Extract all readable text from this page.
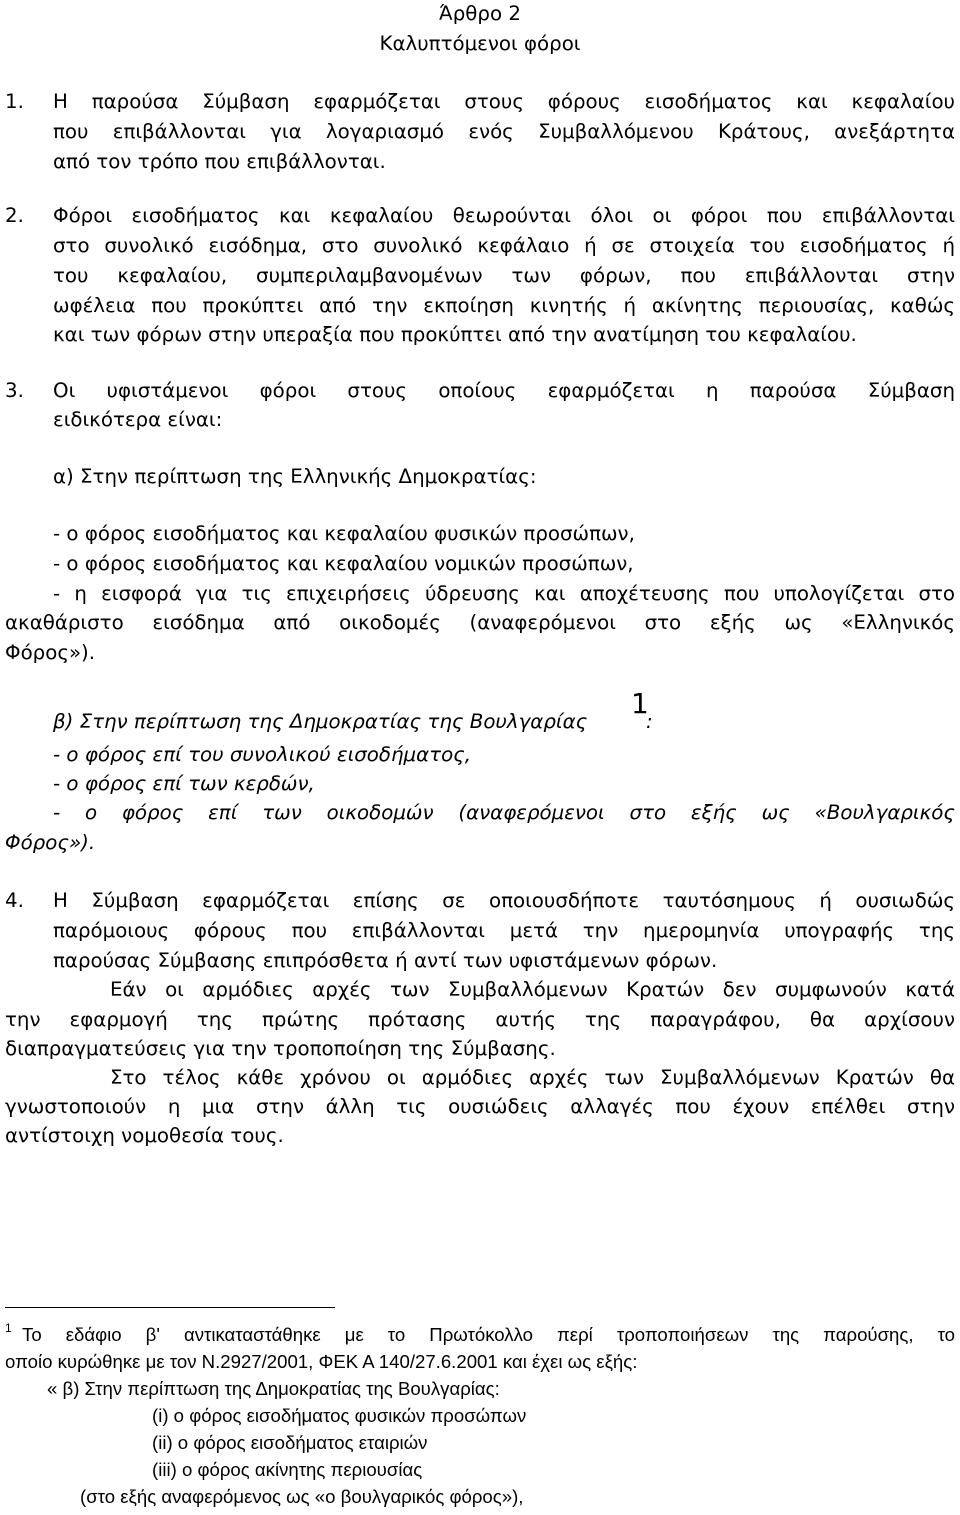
Άρθρο 2
Καλυπτόμενοι φόροι
1. Η παρούσα Σύμβαση εφαρμόζεται στους φόρους εισοδήματος και κεφαλαίου
που επιβάλλονται για λογαριασμό ενός Συμβαλλόμενου Κράτους, ανεξάρτητα
από τον τρόπο που επιβάλλονται.
2. Φόροι εισοδήματος και κεφαλαίου θεωρούνται όλοι οι φόροι που επιβάλλονται
στο συνολικό εισόδημα, στο συνολικό κεφάλαιο ή σε στοιχεία του εισοδήματος ή
του κεφαλαίου, συμπεριλαμβανομένων των φόρων, που επιβάλλονται στην
ωφέλεια που προκύπτει από την εκποίηση κινητής ή ακίνητης περιουσίας, καθώς
και των φόρων στην υπεραξία που προκύπτει από την ανατίμηση του κεφαλαίου.
3. Οι υφιστάμενοι φόροι στους οποίους εφαρμόζεται η παρούσα Σύμβαση
ειδικότερα είναι:
α) Στην περίπτωση της Ελληνικής Δημοκρατίας:
- ο φόρος εισοδήματος και κεφαλαίου φυσικών προσώπων,
- ο φόρος εισοδήματος και κεφαλαίου νομικών προσώπων,
- η εισφορά για τις επιχειρήσεις ύδρευσης και αποχέτευσης που υπολογίζεται στο
ακαθάριστο εισόδημα από οικοδομές (αναφερόμενοι στο εξής ως «Ελληνικός
Φόρος»).
β) Στην περίπτωση της Δημοκρατίας της Βουλγαρίας
1
:
- ο φόρος επί του συνολικού εισοδήματος,
- ο φόρος επί των κερδών,
- ο φόρος επί των οικοδομών (αναφερόμενοι στο εξής ως «Βουλγαρικός
Φόρος»).
4. Η Σύμβαση εφαρμόζεται επίσης σε οποιουσδήποτε ταυτόσημους ή ουσιωδώς
παρόμοιους φόρους που επιβάλλονται μετά την ημερομηνία υπογραφής της
παρούσας Σύμβασης επιπρόσθετα ή αντί των υφιστάμενων φόρων.
Εάν οι αρμόδιες αρχές των Συμβαλλόμενων Κρατών δεν συμφωνούν κατά
την εφαρμογή της πρώτης πρότασης αυτής της παραγράφου, θα αρχίσουν
διαπραγματεύσεις για την τροποποίηση της Σύμβασης.
Στο τέλος κάθε χρόνου οι αρμόδιες αρχές των Συμβαλλόμενων Κρατών θα
γνωστοποιούν η μια στην άλλη τις ουσιώδεις αλλαγές που έχουν επέλθει στην
αντίστοιχη νομοθεσία τους.
1 Το εδάφιο β' αντικαταστάθηκε με το Πρωτόκολλο περί τροποποιήσεων της παρούσης, το
οποίο κυρώθηκε με τον Ν.2927/2001, ΦΕΚ Α 140/27.6.2001 και έχει ως εξής:
« β) Στην περίπτωση της Δημοκρατίας της Βουλγαρίας:
(i) ο φόρος εισοδήματος φυσικών προσώπων
(ii) ο φόρος εισοδήματος εταιριών
(iii) ο φόρος ακίνητης περιουσίας
(στο εξής αναφερόμενος ως «ο βουλγαρικός φόρος»),
